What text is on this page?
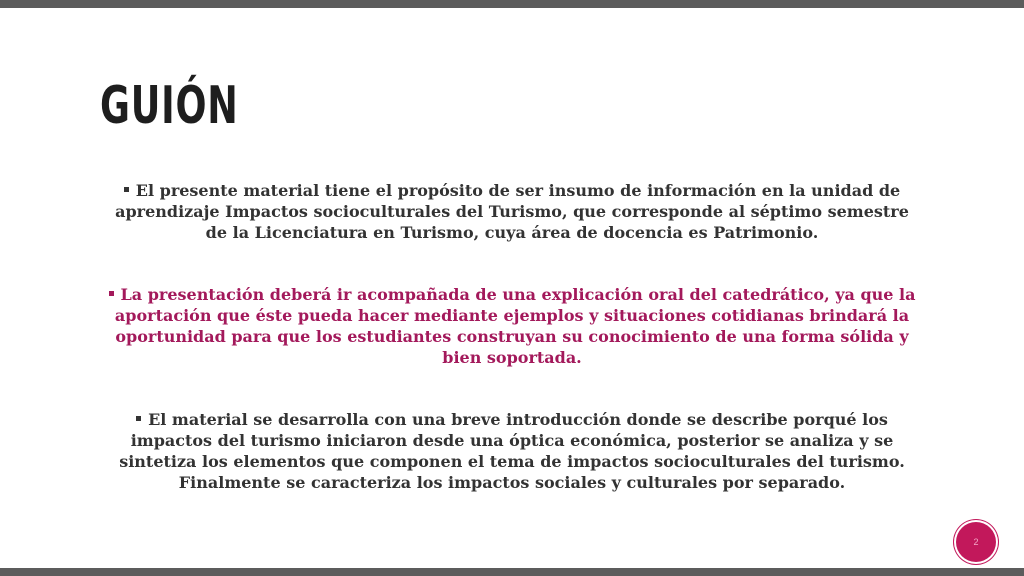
GUIÓN

El presente material tiene el propósito de ser insumo de información en la unidad de aprendizaje Impactos socioculturales del Turismo, que corresponde al séptimo semestre de la Licenciatura en Turismo, cuya área de docencia es Patrimonio.

La presentación deberá ir acompañada de una explicación oral del catedrático, ya que la aportación que éste pueda hacer mediante ejemplos y situaciones cotidianas brindará la oportunidad para que los estudiantes construyan su conocimiento de una forma sólida y bien soportada.

El material se desarrolla con una breve introducción donde se describe porqué los impactos del turismo iniciaron desde una óptica económica, posterior se analiza y se sintetiza los elementos que componen el tema de impactos socioculturales del turismo. Finalmente se caracteriza los impactos sociales y culturales por separado.

2
